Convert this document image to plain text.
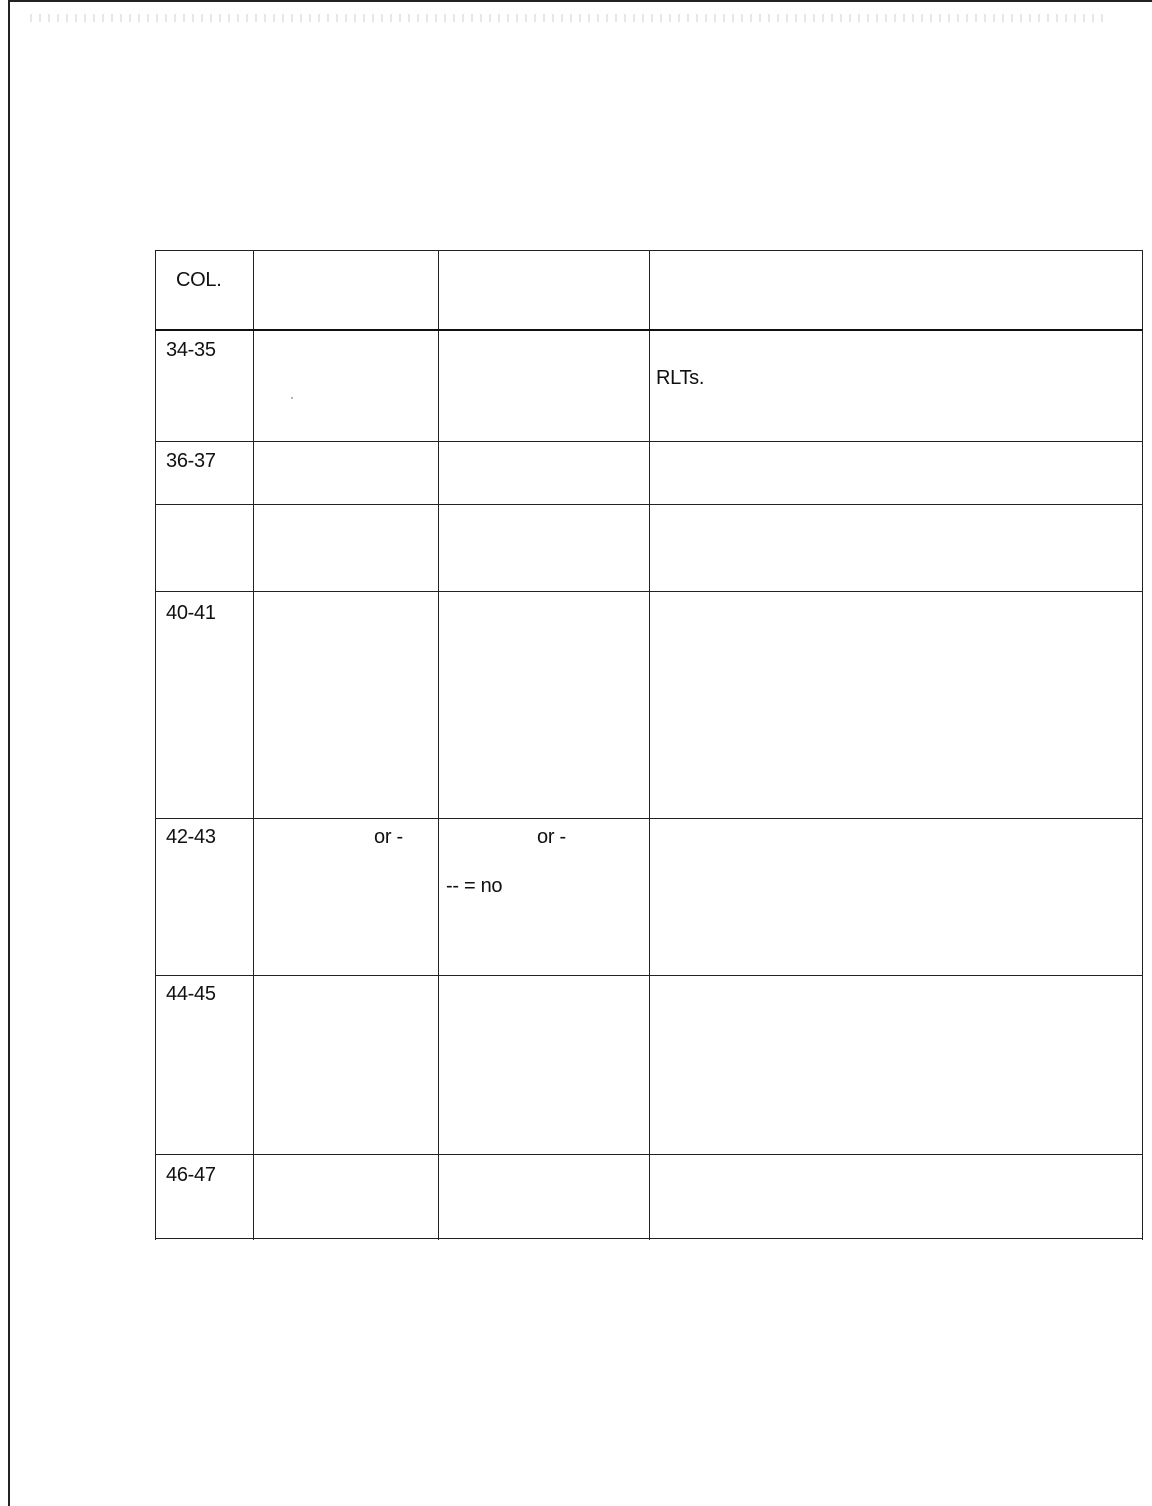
COL.
34-35
RLTs.
ॱ
36-37
40-41
42-43	or -	or -
-- = no
44-45
46-47
